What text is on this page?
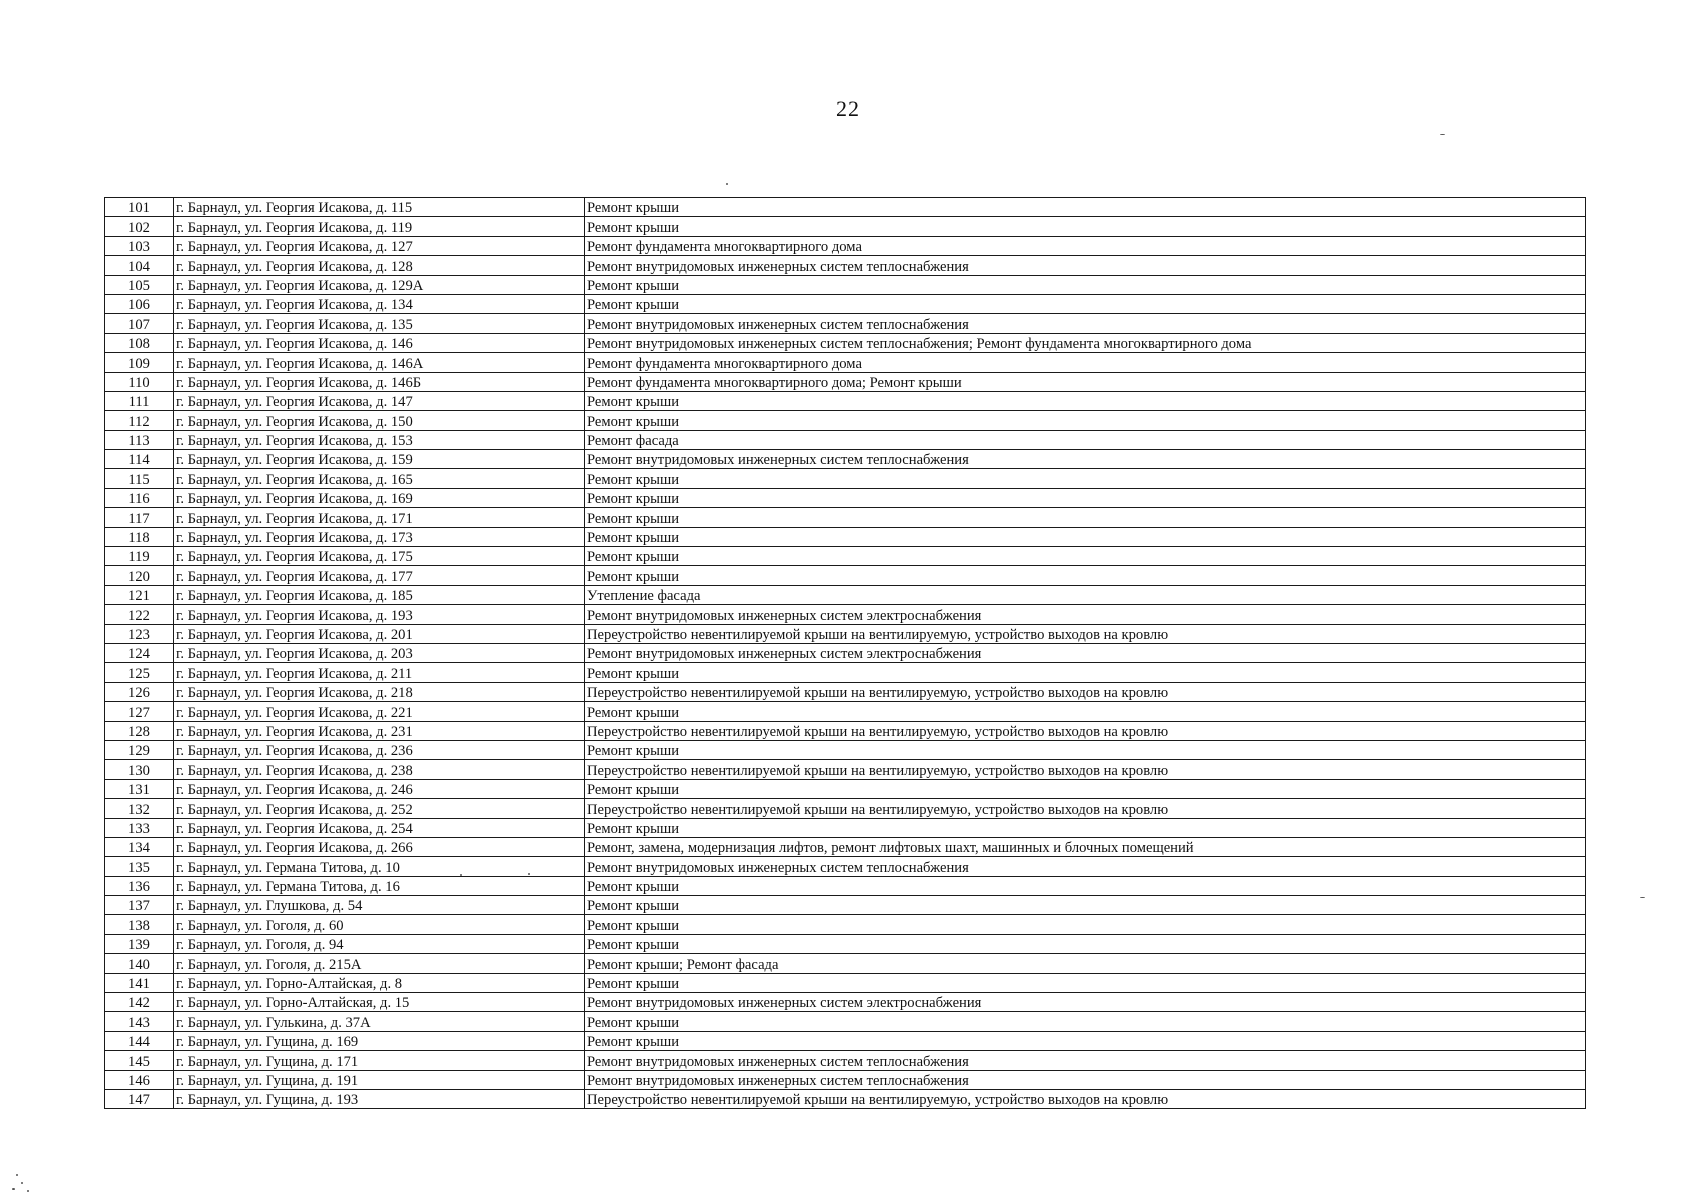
22
101	г. Барнаул, ул. Георгия Исакова, д. 115	Ремонт крыши
102	г. Барнаул, ул. Георгия Исакова, д. 119	Ремонт крыши
103	г. Барнаул, ул. Георгия Исакова, д. 127	Ремонт фундамента многоквартирного дома
104	г. Барнаул, ул. Георгия Исакова, д. 128	Ремонт внутридомовых инженерных систем теплоснабжения
105	г. Барнаул, ул. Георгия Исакова, д. 129А	Ремонт крыши
106	г. Барнаул, ул. Георгия Исакова, д. 134	Ремонт крыши
107	г. Барнаул, ул. Георгия Исакова, д. 135	Ремонт внутридомовых инженерных систем теплоснабжения
108	г. Барнаул, ул. Георгия Исакова, д. 146	Ремонт внутридомовых инженерных систем теплоснабжения; Ремонт фундамента многоквартирного дома
109	г. Барнаул, ул. Георгия Исакова, д. 146А	Ремонт фундамента многоквартирного дома
110	г. Барнаул, ул. Георгия Исакова, д. 146Б	Ремонт фундамента многоквартирного дома; Ремонт крыши
111	г. Барнаул, ул. Георгия Исакова, д. 147	Ремонт крыши
112	г. Барнаул, ул. Георгия Исакова, д. 150	Ремонт крыши
113	г. Барнаул, ул. Георгия Исакова, д. 153	Ремонт фасада
114	г. Барнаул, ул. Георгия Исакова, д. 159	Ремонт внутридомовых инженерных систем теплоснабжения
115	г. Барнаул, ул. Георгия Исакова, д. 165	Ремонт крыши
116	г. Барнаул, ул. Георгия Исакова, д. 169	Ремонт крыши
117	г. Барнаул, ул. Георгия Исакова, д. 171	Ремонт крыши
118	г. Барнаул, ул. Георгия Исакова, д. 173	Ремонт крыши
119	г. Барнаул, ул. Георгия Исакова, д. 175	Ремонт крыши
120	г. Барнаул, ул. Георгия Исакова, д. 177	Ремонт крыши
121	г. Барнаул, ул. Георгия Исакова, д. 185	Утепление фасада
122	г. Барнаул, ул. Георгия Исакова, д. 193	Ремонт внутридомовых инженерных систем электроснабжения
123	г. Барнаул, ул. Георгия Исакова, д. 201	Переустройство невентилируемой крыши на вентилируемую, устройство выходов на кровлю
124	г. Барнаул, ул. Георгия Исакова, д. 203	Ремонт внутридомовых инженерных систем электроснабжения
125	г. Барнаул, ул. Георгия Исакова, д. 211	Ремонт крыши
126	г. Барнаул, ул. Георгия Исакова, д. 218	Переустройство невентилируемой крыши на вентилируемую, устройство выходов на кровлю
127	г. Барнаул, ул. Георгия Исакова, д. 221	Ремонт крыши
128	г. Барнаул, ул. Георгия Исакова, д. 231	Переустройство невентилируемой крыши на вентилируемую, устройство выходов на кровлю
129	г. Барнаул, ул. Георгия Исакова, д. 236	Ремонт крыши
130	г. Барнаул, ул. Георгия Исакова, д. 238	Переустройство невентилируемой крыши на вентилируемую, устройство выходов на кровлю
131	г. Барнаул, ул. Георгия Исакова, д. 246	Ремонт крыши
132	г. Барнаул, ул. Георгия Исакова, д. 252	Переустройство невентилируемой крыши на вентилируемую, устройство выходов на кровлю
133	г. Барнаул, ул. Георгия Исакова, д. 254	Ремонт крыши
134	г. Барнаул, ул. Георгия Исакова, д. 266	Ремонт, замена, модернизация лифтов, ремонт лифтовых шахт, машинных и блочных помещений
135	г. Барнаул, ул. Германа Титова, д. 10	Ремонт внутридомовых инженерных систем теплоснабжения
136	г. Барнаул, ул. Германа Титова, д. 16	Ремонт крыши
137	г. Барнаул, ул. Глушкова, д. 54	Ремонт крыши
138	г. Барнаул, ул. Гоголя, д. 60	Ремонт крыши
139	г. Барнаул, ул. Гоголя, д. 94	Ремонт крыши
140	г. Барнаул, ул. Гоголя, д. 215А	Ремонт крыши; Ремонт фасада
141	г. Барнаул, ул. Горно-Алтайская, д. 8	Ремонт крыши
142	г. Барнаул, ул. Горно-Алтайская, д. 15	Ремонт внутридомовых инженерных систем электроснабжения
143	г. Барнаул, ул. Гулькина, д. 37А	Ремонт крыши
144	г. Барнаул, ул. Гущина, д. 169	Ремонт крыши
145	г. Барнаул, ул. Гущина, д. 171	Ремонт внутридомовых инженерных систем теплоснабжения
146	г. Барнаул, ул. Гущина, д. 191	Ремонт внутридомовых инженерных систем теплоснабжения
147	г. Барнаул, ул. Гущина, д. 193	Переустройство невентилируемой крыши на вентилируемую, устройство выходов на кровлю
